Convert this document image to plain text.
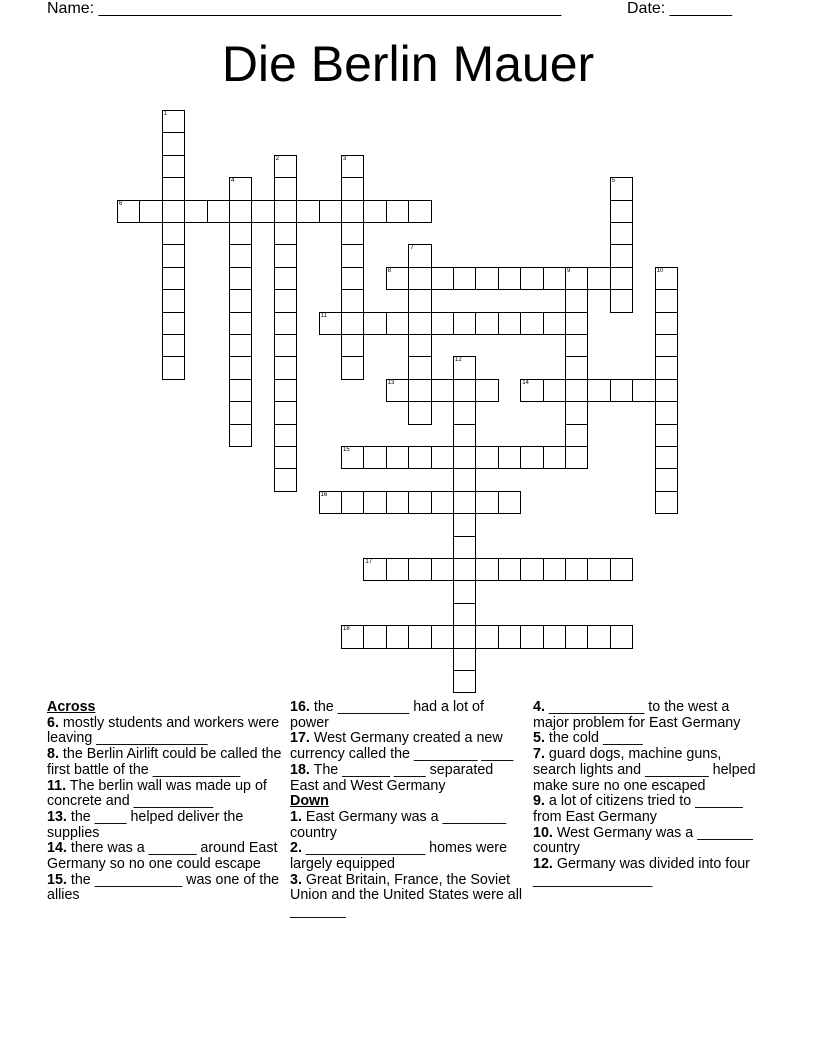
Name: ____________________________________________________	Date: _______
Die Berlin Mauer
1
2	3
4	5
6
7
8	9	10
11
12
13	14
15
16
17
18
Across
6. mostly students and workers were leaving ______________
8. the Berlin Airlift could be called the first battle of the ___________
11. The berlin wall was made up of concrete and __________
13. the ____ helped deliver the supplies
14. there was a ______ around East Germany so no one could escape
15. the ___________ was one of the allies
16. the _________ had a lot of power
17. West Germany created a new currency called the ________ ____
18. The ______ ____ separated East and West Germany
Down
1. East Germany was a ________ country
2. _______________ homes were largely equipped
3. Great Britain, France, the Soviet Union and the United States were all _______
4. ____________ to the west a major problem for East Germany
5. the cold _____
7. guard dogs, machine guns, search lights and ________ helped make sure no one escaped
9. a lot of citizens tried to ______ from East Germany
10. West Germany was a _______ country
12. Germany was divided into four _______________
